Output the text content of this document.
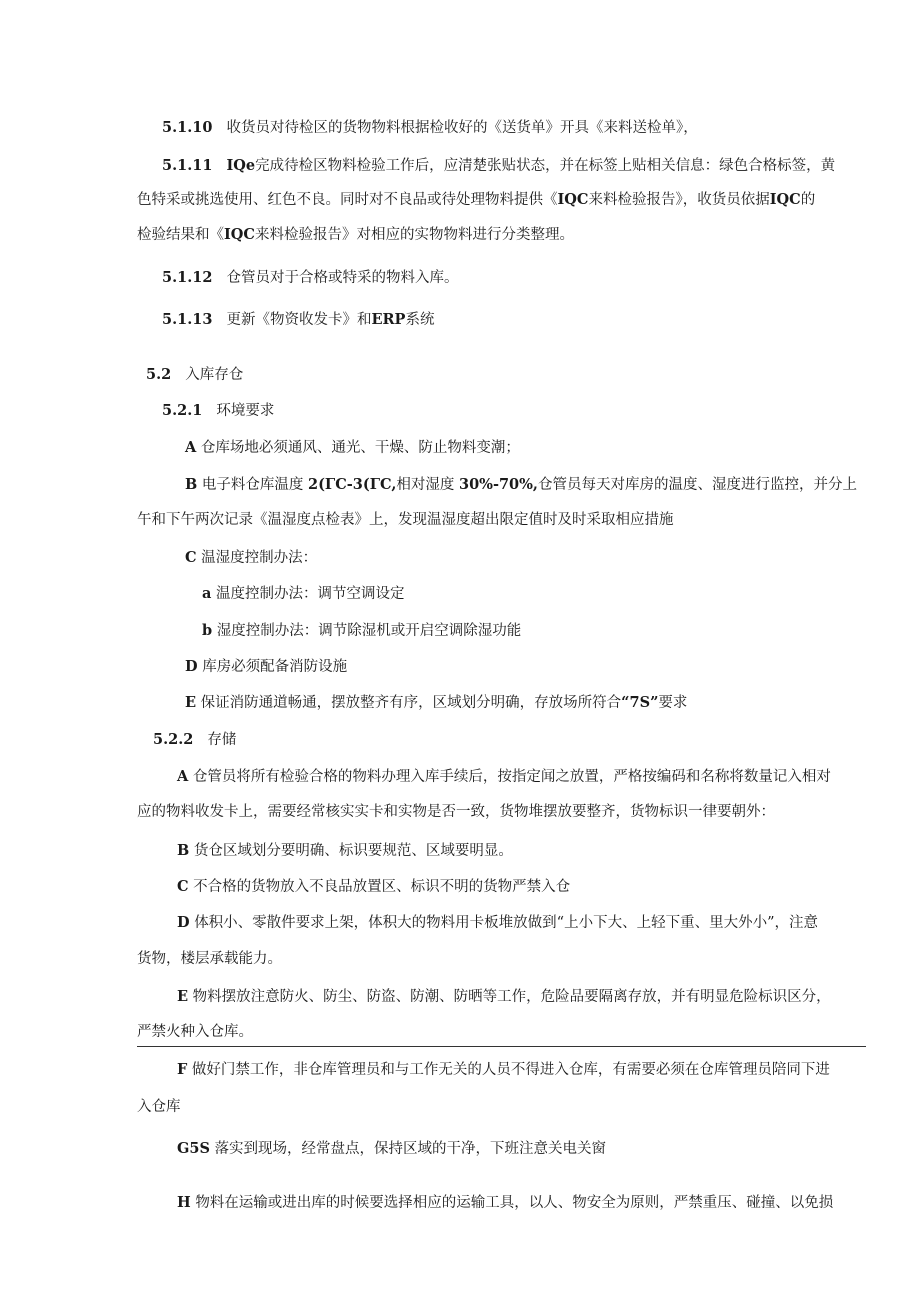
5.1.10 收货员对待检区的货物物料根据检收好的《送货单》开具《来料送检单》，
5.1.11 IQe完成待检区物料检验工作后，应清楚张贴状态，并在标签上贴相关信息：绿色合格标签，黄
色特采或挑选使用、红色不良。同时对不良品或待处理物料提供《IQC来料检验报告》，收货员依据IQC的
检验结果和《IQC来料检验报告》对相应的实物物料进行分类整理。
5.1.12 仓管员对于合格或特采的物料入库。
5.1.13 更新《物资收发卡》和ERP系统
5.2 入库存仓
5.2.1 环境要求
A 仓库场地必须通风、通光、干燥、防止物料变潮；
B 电子料仓库温度 2(ΓC-3(ΓC,相对湿度 30%-70%,仓管员每天对库房的温度、湿度进行监控，并分上
午和下午两次记录《温湿度点检表》上，发现温湿度超出限定值时及时采取相应措施
C 温湿度控制办法：
a 温度控制办法：调节空调设定
b 湿度控制办法：调节除湿机或开启空调除湿功能
D 库房必须配备消防设施
E 保证消防通道畅通，摆放整齐有序，区域划分明确，存放场所符合“7S”要求
5.2.2 存储
A 仓管员将所有检验合格的物料办理入库手续后，按指定闻之放置，严格按编码和名称将数量记入相对
应的物料收发卡上，需要经常核实实卡和实物是否一致，货物堆摆放要整齐，货物标识一律要朝外：
B 货仓区域划分要明确、标识要规范、区域要明显。
C 不合格的货物放入不良品放置区、标识不明的货物严禁入仓
D 体积小、零散件要求上架，体积大的物料用卡板堆放做到“上小下大、上轻下重、里大外小”，注意
货物，楼层承载能力。
E 物料摆放注意防火、防尘、防盗、防潮、防晒等工作，危险品要隔离存放，并有明显危险标识区分，
严禁火种入仓库。
F 做好门禁工作，非仓库管理员和与工作无关的人员不得进入仓库，有需要必须在仓库管理员陪同下进
入仓库
G5S 落实到现场，经常盘点，保持区域的干净，下班注意关电关窗
H 物料在运输或进出库的时候要选择相应的运输工具，以人、物安全为原则，严禁重压、碰撞、以免损
